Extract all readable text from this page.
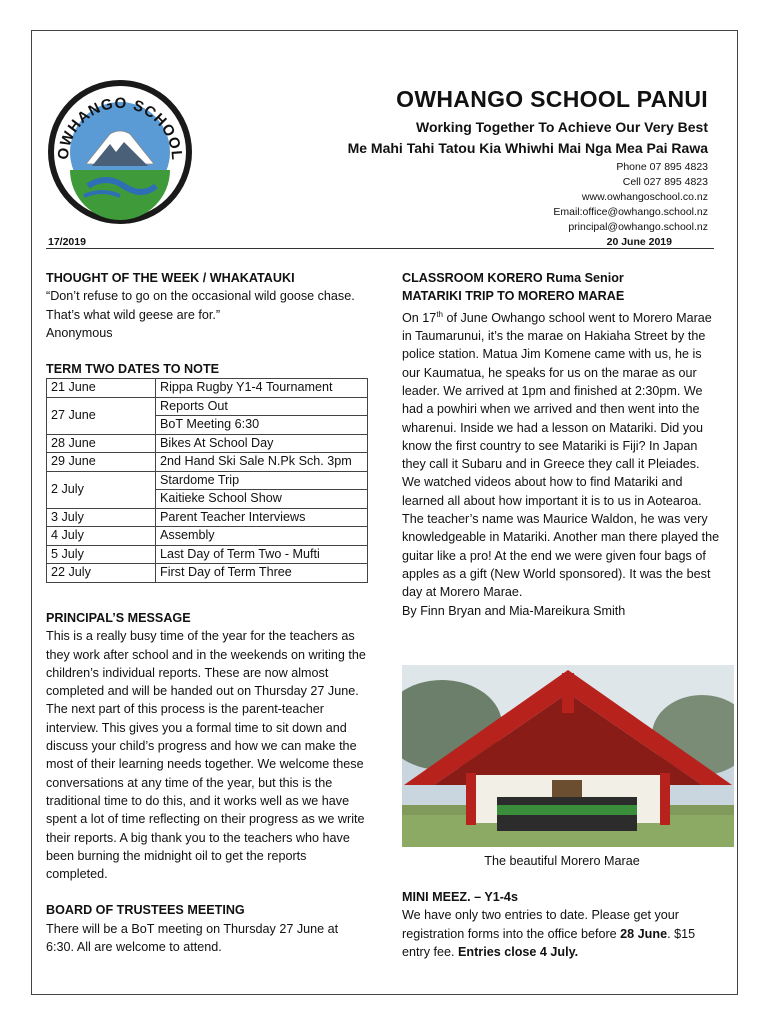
OWHANGO SCHOOL
OWHANGO SCHOOL PANUI
Working Together To Achieve Our Very Best
Me Mahi Tahi Tatou Kia Whiwhi Mai Nga Mea Pai Rawa
Phone 07 895 4823
Cell 027 895 4823
www.owhangoschool.co.nz
Email:office@owhango.school.nz
principal@owhango.school.nz
17/2019	20 June 2019
THOUGHT OF THE WEEK / WHAKATAUKI
“Don’t refuse to go on the occasional wild goose chase. That’s what wild geese are for.”
Anonymous
TERM TWO DATES TO NOTE
21 June	Rippa Rugby Y1-4 Tournament
27 June	Reports Out
	BoT Meeting 6:30
28 June	Bikes At School Day
29 June	2nd Hand Ski Sale N.Pk Sch. 3pm
2 July	Stardome Trip
	Kaitieke School Show
3 July	Parent Teacher Interviews
4 July	Assembly
5 July	Last Day of Term Two - Mufti
22 July	First Day of Term Three
PRINCIPAL’S MESSAGE
This is a really busy time of the year for the teachers as they work after school and in the weekends on writing the children’s individual reports. These are now almost completed and will be handed out on Thursday 27 June. The next part of this process is the parent-teacher interview. This gives you a formal time to sit down and discuss your child’s progress and how we can make the most of their learning needs together. We welcome these conversations at any time of the year, but this is the traditional time to do this, and it works well as we have spent a lot of time reflecting on their progress as we write their reports. A big thank you to the teachers who have been burning the midnight oil to get the reports completed.
BOARD OF TRUSTEES MEETING
There will be a BoT meeting on Thursday 27 June at 6:30. All are welcome to attend.
CLASSROOM KORERO Ruma Senior
MATARIKI TRIP TO MORERO MARAE
On 17th of June Owhango school went to Morero Marae in Taumarunui, it’s the marae on Hakiaha Street by the police station. Matua Jim Komene came with us, he is our Kaumatua, he speaks for us on the marae as our leader. We arrived at 1pm and finished at 2:30pm. We had a powhiri when we arrived and then went into the wharenui. Inside we had a lesson on Matariki. Did you know the first country to see Matariki is Fiji? In Japan they call it Subaru and in Greece they call it Pleiades. We watched videos about how to find Matariki and learned all about how important it is to us in Aotearoa. The teacher’s name was Maurice Waldon, he was very knowledgeable in Matariki. Another man there played the guitar like a pro! At the end we were given four bags of apples as a gift (New World sponsored). It was the best day at Morero Marae.
By Finn Bryan and Mia-Mareikura Smith
The beautiful Morero Marae
MINI MEEZ. – Y1-4s
We have only two entries to date. Please get your registration forms into the office before 28 June. $15 entry fee. Entries close 4 July.
